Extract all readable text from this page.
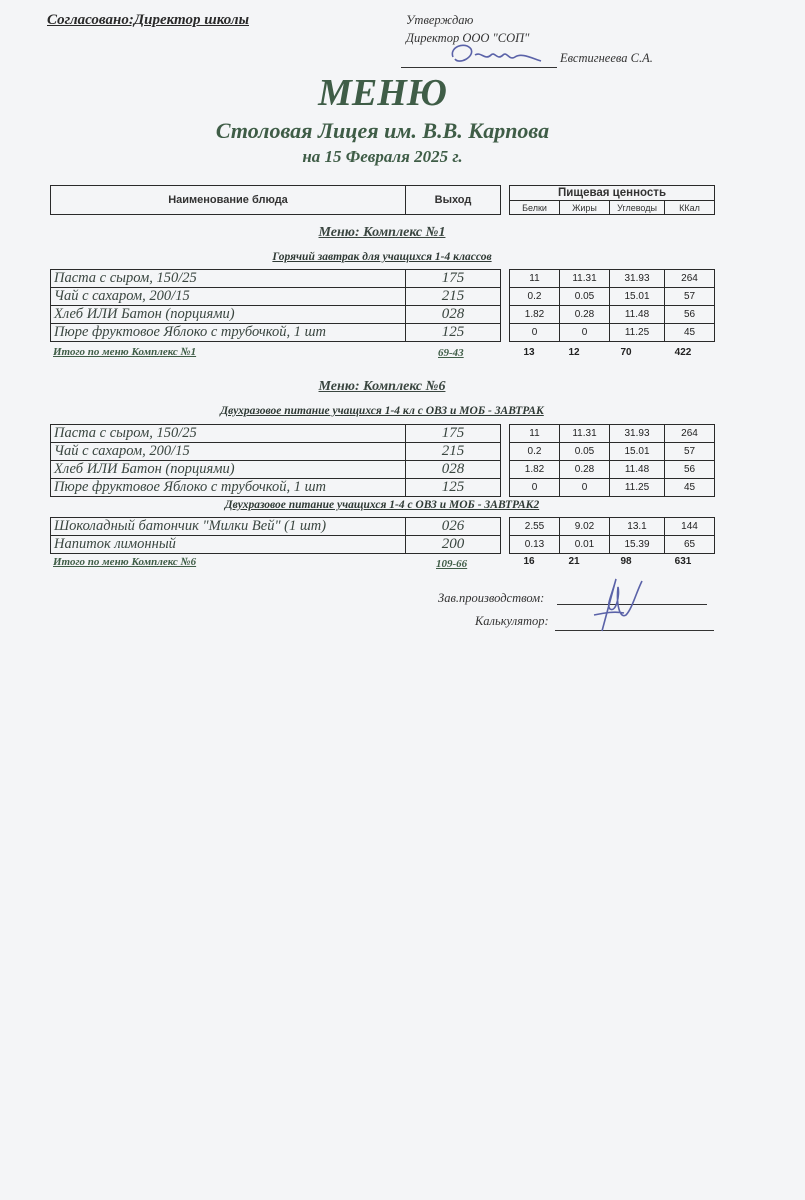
Согласовано:Директор школы	Утверждаю
Директор ООО "СОП"
Евстигнеева С.А.
МЕНЮ
Столовая Лицея им. В.В. Карпова
на 15 Февраля 2025 г.
Наименование блюда	Выход		Пищевая ценность			
			Белки	Жиры	Углеводы	ККал
Меню: Комплекс №1
Горячий завтрак для учащихся 1-4 классов
Паста с сыром, 150/25	175		11	11.31	31.93	264
Чай с сахаром, 200/15	215		0.2	0.05	15.01	57
Хлеб ИЛИ Батон (порциями)	028		1.82	0.28	11.48	56
Пюре фруктовое Яблоко с трубочкой, 1 шт	125		0	0	11.25	45
Итого по меню Комплекс №1	69-43	13	12	70	422
Меню: Комплекс №6
Двухразовое питание учащихся 1-4 кл с ОВЗ и МОБ - ЗАВТРАК
Паста с сыром, 150/25	175		11	11.31	31.93	264
Чай с сахаром, 200/15	215		0.2	0.05	15.01	57
Хлеб ИЛИ Батон (порциями)	028		1.82	0.28	11.48	56
Пюре фруктовое Яблоко с трубочкой, 1 шт	125		0	0	11.25	45
Двухразовое питание учащихся 1-4 с ОВЗ и МОБ - ЗАВТРАК2
Шоколадный батончик "Милки Вей" (1 шт)	026		2.55	9.02	13.1	144
Напиток лимонный	200		0.13	0.01	15.39	65
Итого по меню Комплекс №6	109-66	16	21	98	631
Зав.производством:
Калькулятор:
